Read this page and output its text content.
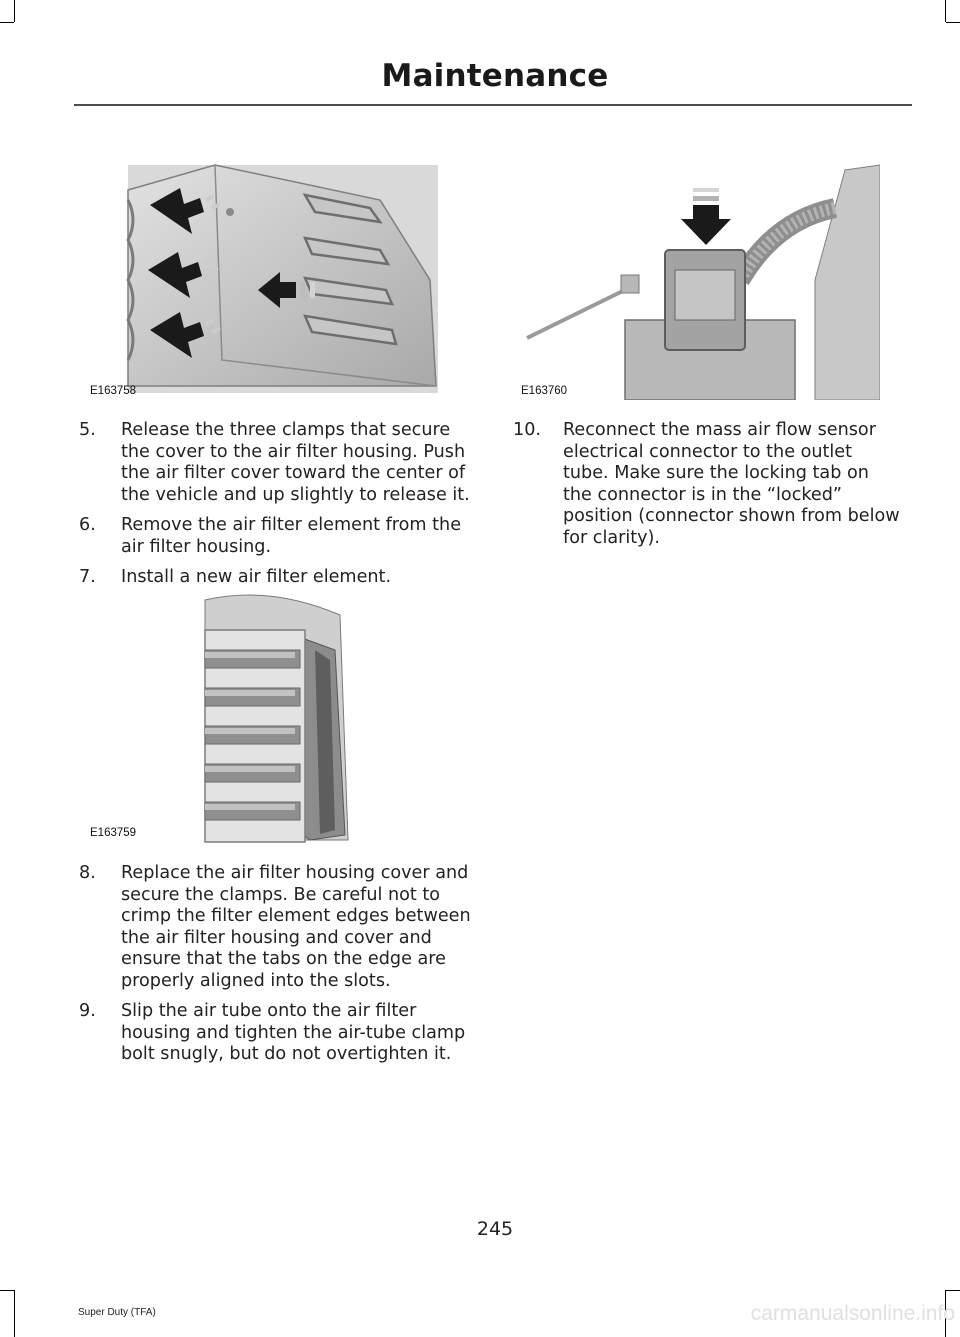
Maintenance
E163758	E163760
5. Release the three clamps that secure the cover to the air filter housing. Push the air filter cover toward the center of the vehicle and up slightly to release it.
6. Remove the air filter element from the air filter housing.
7. Install a new air filter element.
E163759
8. Replace the air filter housing cover and secure the clamps. Be careful not to crimp the filter element edges between the air filter housing and cover and ensure that the tabs on the edge are properly aligned into the slots.
9. Slip the air tube onto the air filter housing and tighten the air-tube clamp bolt snugly, but do not overtighten it.
10. Reconnect the mass air flow sensor electrical connector to the outlet tube. Make sure the locking tab on the connector is in the “locked” position (connector shown from below for clarity).
245
Super Duty (TFA)	carmanualsonline.info
